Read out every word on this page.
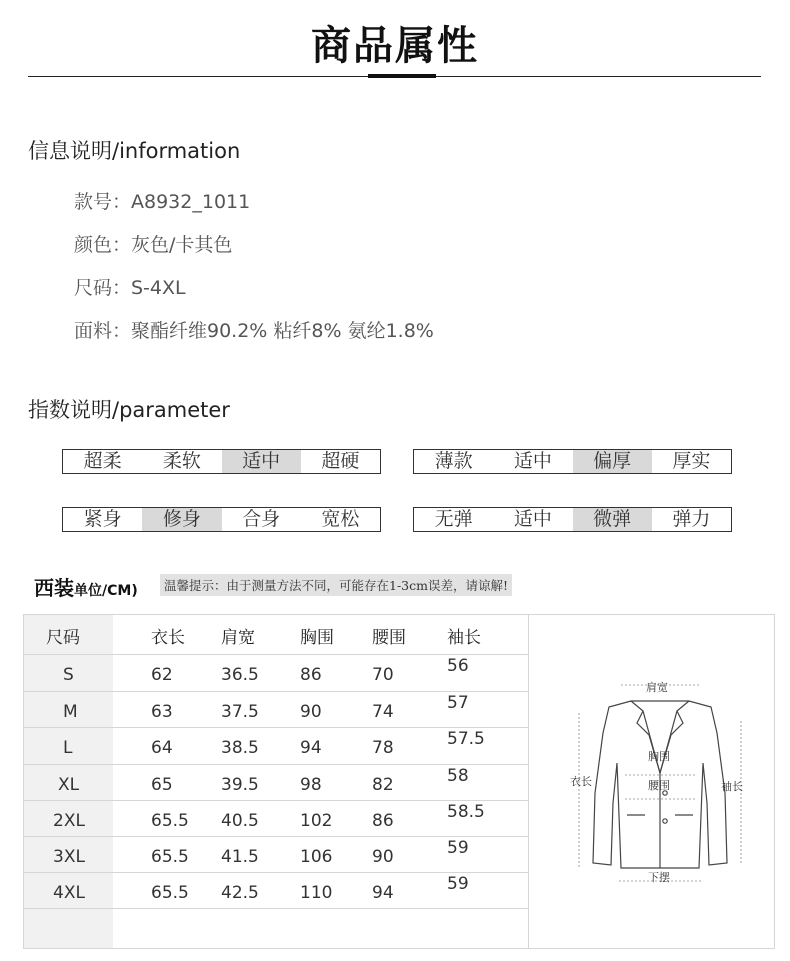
商品属性
信息说明/information
款号：A8932_1011
颜色：灰色/卡其色
尺码：S-4XL
面料：聚酯纤维90.2% 粘纤8% 氨纶1.8%
指数说明/parameter
超柔	柔软	适中	超硬	薄款	适中	偏厚	厚实
紧身	修身	合身	宽松	无弹	适中	微弹	弹力
西装单位/CM)	温馨提示：由于测量方法不同，可能存在1-3cm误差，请谅解!
尺码	衣长 肩宽	胸围 腰围 袖长
S	62	36.5 86	70	56
M	63	37.5 90	74	57
L	64	38.5 94	78	57.5
XL	65	39.5 98	82	58
2XL	65.5 40.5 102 86	58.5
3XL	65.5 41.5 106 90	59
4XL	65.5 42.5 110 94	59
肩宽
胸围
腰围
衣长	袖长
下摆
